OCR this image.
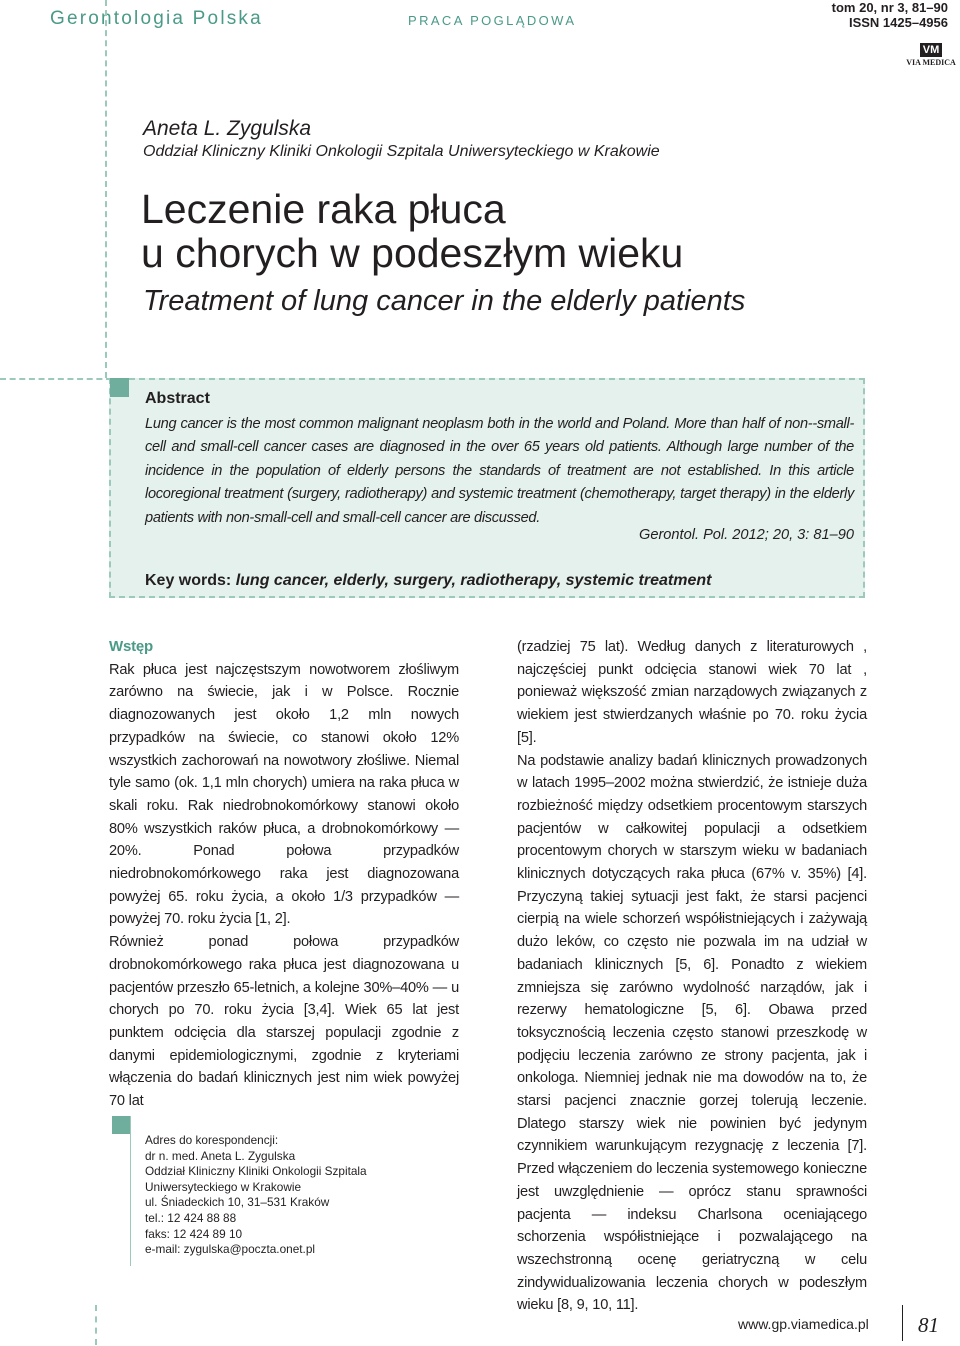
Gerontologia Polska	PRACA POGLĄDOWA
tom 20, nr 3, 81–90
ISSN 1425–4956
VM
VIA MEDICA
Aneta L. Zygulska
Oddział Kliniczny Kliniki Onkologii Szpitala Uniwersyteckiego w Krakowie
Leczenie raka płuca
u chorych w podeszłym wieku
Treatment of lung cancer in the elderly patients
Abstract
Lung cancer is the most common malignant neoplasm both in the world and Poland. More than half of non--small-cell and small-cell cancer cases are diagnosed in the over 65 years old patients. Although large number of the incidence in the population of elderly persons the standards of treatment are not established. In this article locoregional treatment (surgery, radiotherapy) and systemic treatment (chemotherapy, target therapy) in the elderly patients with non-small-cell and small-cell cancer are discussed.
Gerontol. Pol. 2012; 20, 3: 81–90
Key words: lung cancer, elderly, surgery, radiotherapy, systemic treatment
Wstęp

Rak płuca jest najczęstszym nowotworem złośliwym zarówno na świecie, jak i w Polsce. Rocznie diagnozowanych jest około 1,2 mln nowych przypadków na świecie, co stanowi około 12% wszystkich zachorowań na nowotwory złośliwe. Niemal tyle samo (ok. 1,1 mln chorych) umiera na raka płuca w skali roku. Rak niedrobnokomórkowy stanowi około 80% wszystkich raków płuca, a drobnokomórkowy — 20%. Ponad połowa przypadków niedrobnokomórkowego raka jest diagnozowana powyżej 65. roku życia, a około 1/3 przypadków — powyżej 70. roku życia [1, 2].

Również ponad połowa przypadków drobnokomórkowego raka płuca jest diagnozowana u pacjentów przeszło 65-letnich, a kolejne 30%–40% — u chorych po 70. roku życia [3,4]. Wiek 65 lat jest punktem odcięcia dla starszej populacji zgodnie z danymi epidemiologicznymi, zgodnie z kryteriami włączenia do badań klinicznych jest nim wiek powyżej 70 lat

(rzadziej 75 lat). Według danych z literaturowych , najczęściej punkt odcięcia stanowi wiek 70 lat , ponieważ większość zmian narządowych związanych z wiekiem jest stwierdzanych właśnie po 70. roku życia [5].

Na podstawie analizy badań klinicznych prowadzonych w latach 1995–2002 można stwierdzić, że istnieje duża rozbieżność między odsetkiem procentowym starszych pacjentów w całkowitej populacji a odsetkiem procentowym chorych w starszym wieku w badaniach klinicznych dotyczących raka płuca (67% v. 35%) [4]. Przyczyną takiej sytuacji jest fakt, że starsi pacjenci cierpią na wiele schorzeń współistniejących i zażywają dużo leków, co często nie pozwala im na udział w badaniach klinicznych [5, 6]. Ponadto z wiekiem zmniejsza się zarówno wydolność narządów, jak i rezerwy hematologiczne [5, 6]. Obawa przed toksycznością leczenia często stanowi przeszkodę w podjęciu leczenia zarówno ze strony pacjenta, jak i onkologa. Niemniej jednak nie ma dowodów na to, że starsi pacjenci znacznie gorzej tolerują leczenie. Dlatego starszy wiek nie powinien być jedynym czynnikiem warunkującym rezygnację z leczenia [7]. Przed włączeniem do leczenia systemowego konieczne jest uwzględnienie — oprócz stanu sprawności pacjenta — indeksu Charlsona oceniającego schorzenia współistniejące i pozwalającego na wszechstronną ocenę geriatryczną w celu zindywidualizowania leczenia chorych w podeszłym wieku [8, 9, 10, 11].

Adres do korespondencji:
dr n. med. Aneta L. Zygulska
Oddział Kliniczny Kliniki Onkologii Szpitala
Uniwersyteckiego w Krakowie
ul. Śniadeckich 10, 31–531 Kraków
tel.: 12 424 88 88
faks: 12 424 89 10
e-mail: zygulska@poczta.onet.pl
www.gp.viamedica.pl 81
